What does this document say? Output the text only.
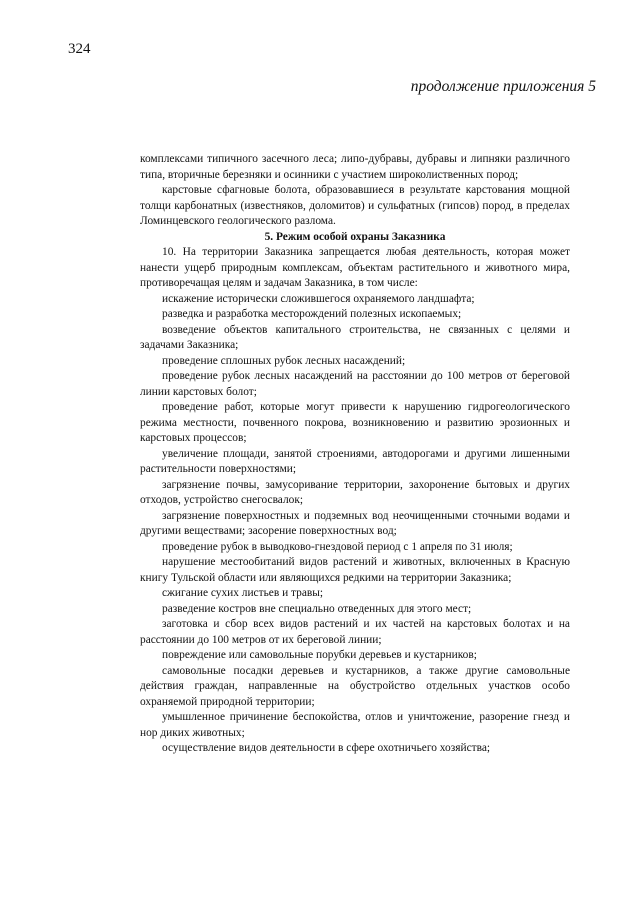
324
продолжение приложения 5

комплексами типичного засечного леса; липо-дубравы, дубравы и липняки различного типа, вторичные березняки и осинники с участием широколиственных пород;

карстовые сфагновые болота, образовавшиеся в результате карстования мощной толщи карбонатных (известняков, доломитов) и сульфатных (гипсов) пород, в пределах Ломинцевского геологического разлома.

5. Режим особой охраны Заказника

10. На территории Заказника запрещается любая деятельность, которая может нанести ущерб природным комплексам, объектам растительного и животного мира, противоречащая целям и задачам Заказника, в том числе:

искажение исторически сложившегося охраняемого ландшафта;

разведка и разработка месторождений полезных ископаемых;

возведение объектов капитального строительства, не связанных с целями и задачами Заказника;

проведение сплошных рубок лесных насаждений;

проведение рубок лесных насаждений на расстоянии до 100 метров от береговой линии карстовых болот;

проведение работ, которые могут привести к нарушению гидрогеологического режима местности, почвенного покрова, возникновению и развитию эрозионных и карстовых процессов;

увеличение площади, занятой строениями, автодорогами и другими лишенными растительности поверхностями;

загрязнение почвы, замусоривание территории, захоронение бытовых и других отходов, устройство снегосвалок;

загрязнение поверхностных и подземных вод неочищенными сточными водами и другими веществами; засорение поверхностных вод;

проведение рубок в выводково-гнездовой период с 1 апреля по 31 июля;

нарушение местообитаний видов растений и животных, включенных в Красную книгу Тульской области или являющихся редкими на территории Заказника;

сжигание сухих листьев и травы;

разведение костров вне специально отведенных для этого мест;

заготовка и сбор всех видов растений и их частей на карстовых болотах и на расстоянии до 100 метров от их береговой линии;

повреждение или самовольные порубки деревьев и кустарников;

самовольные посадки деревьев и кустарников, а также другие самовольные действия граждан, направленные на обустройство отдельных участков особо охраняемой природной территории;

умышленное причинение беспокойства, отлов и уничтожение, разорение гнезд и нор диких животных;

осуществление видов деятельности в сфере охотничьего хозяйства;
